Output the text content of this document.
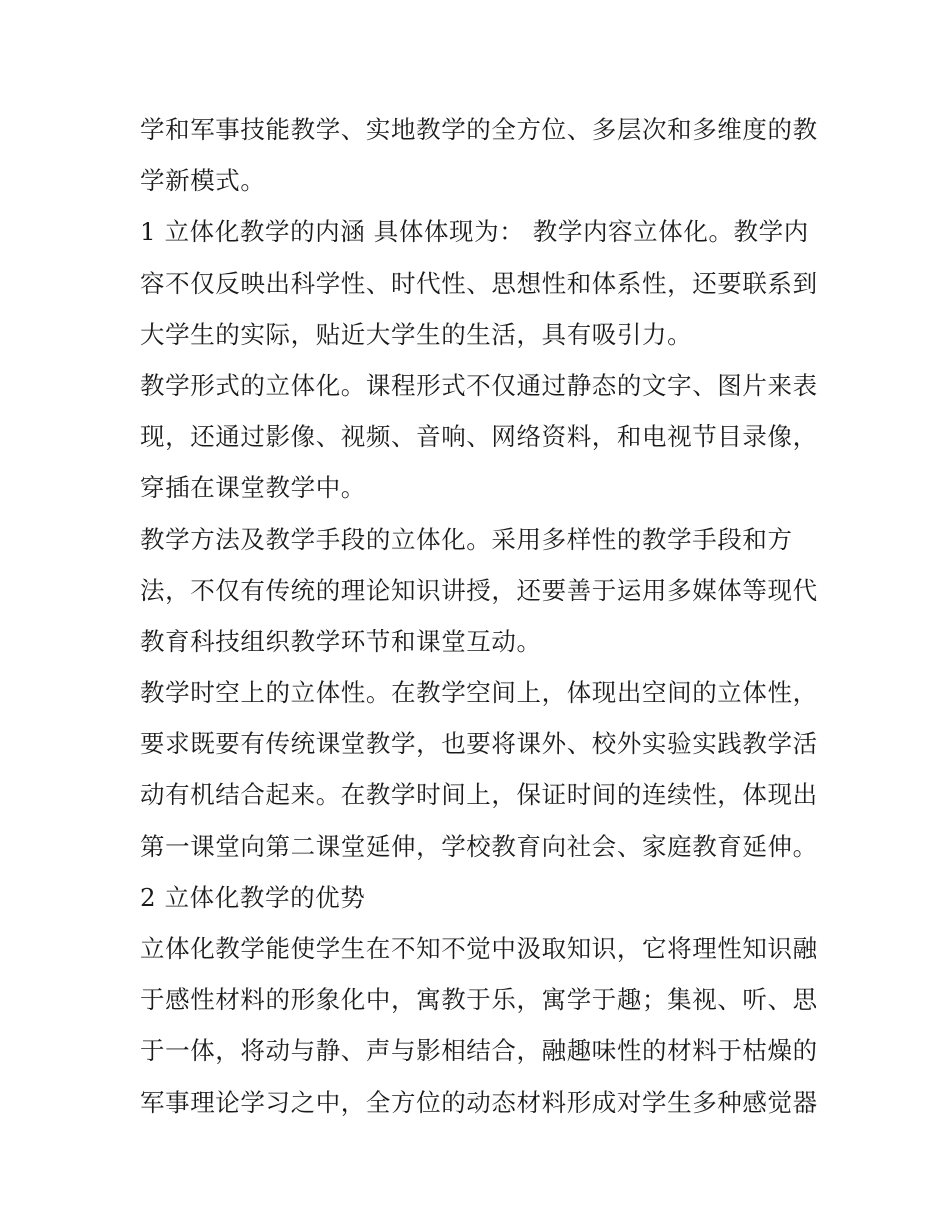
学和军事技能教学、实地教学的全方位、多层次和多维度的教
学新模式。
1 立体化教学的内涵 具体体现为： 教学内容立体化。教学内
容不仅反映出科学性、时代性、思想性和体系性，还要联系到
大学生的实际，贴近大学生的生活，具有吸引力。
教学形式的立体化。课程形式不仅通过静态的文字、图片来表
现，还通过影像、视频、音响、网络资料，和电视节目录像，
穿插在课堂教学中。
教学方法及教学手段的立体化。采用多样性的教学手段和方
法，不仅有传统的理论知识讲授，还要善于运用多媒体等现代
教育科技组织教学环节和课堂互动。
教学时空上的立体性。在教学空间上，体现出空间的立体性，
要求既要有传统课堂教学，也要将课外、校外实验实践教学活
动有机结合起来。在教学时间上，保证时间的连续性，体现出
第一课堂向第二课堂延伸，学校教育向社会、家庭教育延伸。
2 立体化教学的优势
立体化教学能使学生在不知不觉中汲取知识，它将理性知识融
于感性材料的形象化中，寓教于乐，寓学于趣；集视、听、思
于一体，将动与静、声与影相结合，融趣味性的材料于枯燥的
军事理论学习之中，全方位的动态材料形成对学生多种感觉器
